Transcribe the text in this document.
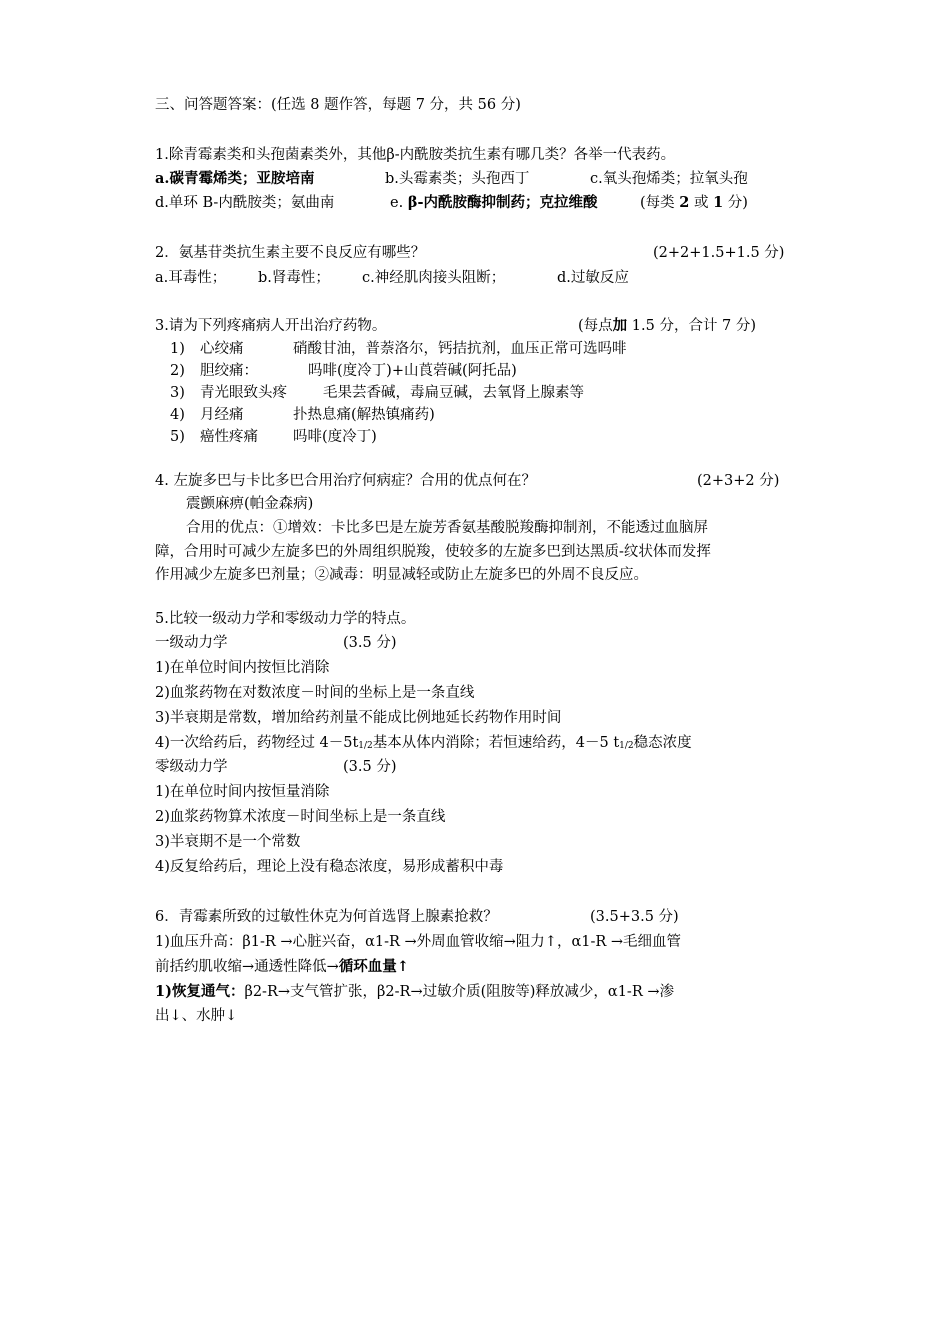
三、问答题答案：(任选 8 题作答，每题 7 分，共 56 分)
1.除青霉素类和头孢菌素类外，其他β-内酰胺类抗生素有哪几类？各举一代表药。
a.碳青霉烯类；亚胺培南	b.头霉素类；头孢西丁	c.氧头孢烯类；拉氧头孢
d.单环 B-内酰胺类；氨曲南	e. β-内酰胺酶抑制药；克拉维酸	(每类 2 或 1 分)
2．氨基苷类抗生素主要不良反应有哪些？	(2+2+1.5+1.5 分)
a.耳毒性； b.肾毒性； c.神经肌肉接头阻断；	d.过敏反应
3.请为下列疼痛病人开出治疗药物。	(每点加 1.5 分，合计 7 分)
1) 心绞痛	硝酸甘油，普萘洛尔，钙拮抗剂，血压正常可选吗啡
2) 胆绞痛：	吗啡(度冷丁)+山莨菪碱(阿托品)
3) 青光眼致头疼 毛果芸香碱，毒扁豆碱，去氧肾上腺素等
4) 月经痛	扑热息痛(解热镇痛药)
5) 癌性疼痛 吗啡(度冷丁)
4. 左旋多巴与卡比多巴合用治疗何病症？合用的优点何在？	(2+3+2 分)
震颤麻痹(帕金森病)
合用的优点：①增效：卡比多巴是左旋芳香氨基酸脱羧酶抑制剂，不能透过血脑屏
障，合用时可减少左旋多巴的外周组织脱羧，使较多的左旋多巴到达黑质-纹状体而发挥
作用减少左旋多巴剂量；②减毒：明显减轻或防止左旋多巴的外周不良反应。
5.比较一级动力学和零级动力学的特点。
一级动力学	(3.5 分)
1)在单位时间内按恒比消除
2)血浆药物在对数浓度－时间的坐标上是一条直线
3)半衰期是常数，增加给药剂量不能成比例地延长药物作用时间
4)一次给药后，药物经过 4－5t1/2基本从体内消除；若恒速给药，4－5 t1/2稳态浓度
零级动力学	(3.5 分)
1)在单位时间内按恒量消除
2)血浆药物算术浓度－时间坐标上是一条直线
3)半衰期不是一个常数
4)反复给药后，理论上没有稳态浓度，易形成蓄积中毒
6．青霉素所致的过敏性休克为何首选肾上腺素抢救？	(3.5+3.5 分)
1)血压升高：β1-R →心脏兴奋，α1-R →外周血管收缩→阻力↑，α1-R →毛细血管
前括约肌收缩→通透性降低→循环血量↑
1)恢复通气：β2-R→支气管扩张，β2-R→过敏介质(阻胺等)释放减少，α1-R →渗
出↓、水肿↓
